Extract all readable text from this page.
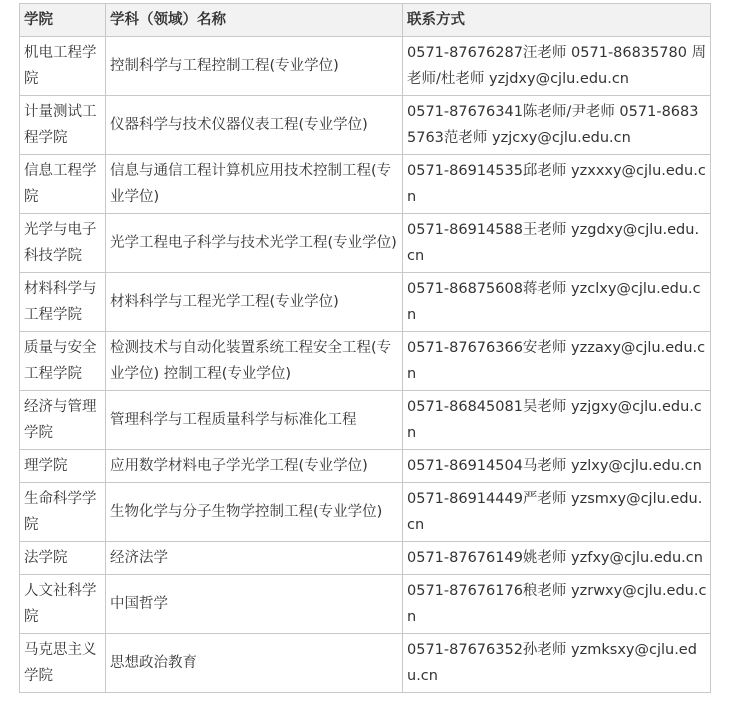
学院	学科（领域）名称	联系方式
机电工程学院	控制科学与工程控制工程(专业学位)	0571-87676287汪老师 0571-86835780 周老师/杜老师 yzjdxy@cjlu.edu.cn
计量测试工程学院	仪器科学与技术仪器仪表工程(专业学位)	0571-87676341陈老师/尹老师 0571-86835763范老师 yzjcxy@cjlu.edu.cn
信息工程学院	信息与通信工程计算机应用技术控制工程(专业学位)	0571-86914535邱老师 yzxxxy@cjlu.edu.cn
光学与电子科技学院	光学工程电子科学与技术光学工程(专业学位)	0571-86914588王老师 yzgdxy@cjlu.edu.cn
材料科学与工程学院	材料科学与工程光学工程(专业学位)	0571-86875608蒋老师 yzclxy@cjlu.edu.cn
质量与安全工程学院	检测技术与自动化装置系统工程安全工程(专业学位) 控制工程(专业学位)	0571-87676366安老师 yzzaxy@cjlu.edu.cn
经济与管理学院	管理科学与工程质量科学与标准化工程	0571-86845081吴老师 yzjgxy@cjlu.edu.cn
理学院	应用数学材料电子学光学工程(专业学位)	0571-86914504马老师 yzlxy@cjlu.edu.cn
生命科学学院	生物化学与分子生物学控制工程(专业学位)	0571-86914449严老师 yzsmxy@cjlu.edu.cn
法学院	经济法学	0571-87676149姚老师 yzfxy@cjlu.edu.cn
人文社科学院	中国哲学	0571-87676176稂老师 yzrwxy@cjlu.edu.cn
马克思主义学院	思想政治教育	0571-87676352孙老师 yzmksxy@cjlu.edu.cn
